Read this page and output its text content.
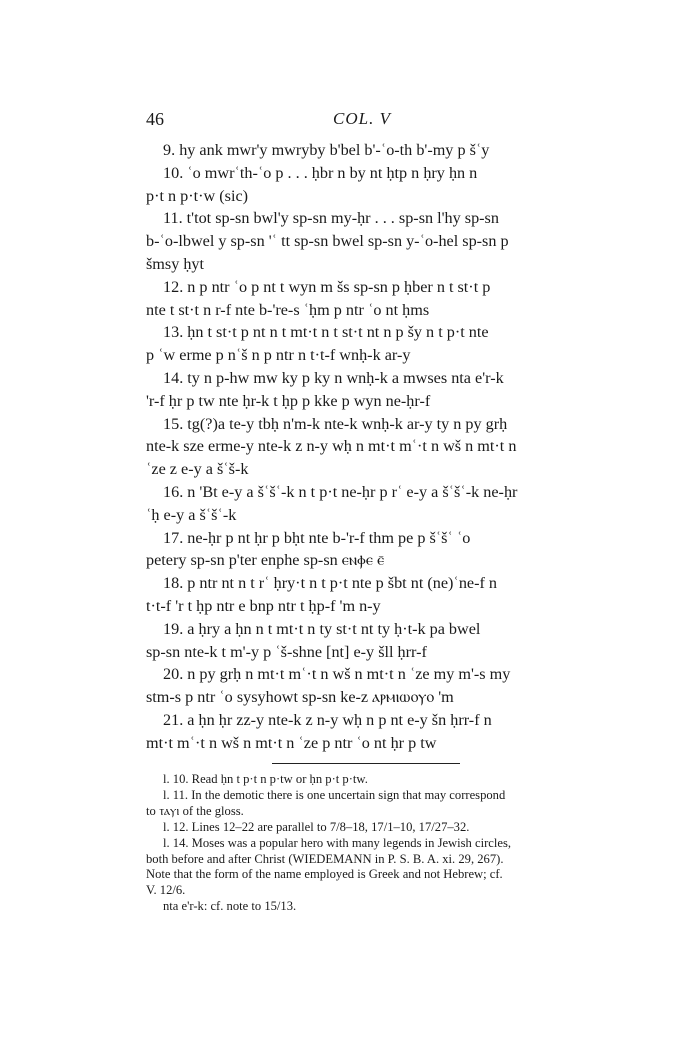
46	COL. V
9. hy ank mwr'y mwryby b'bel b'-ʿo-th b'-my p šʿy
10. ʿo mwrʿth-ʿo p . . . ḥbr n by nt ḥtp n ḥry ḥn n
p·t n p·t·w (sic)
11. t'tot sp-sn bwl'y sp-sn my-ḥr . . . sp-sn l'hy sp-sn
b-ʿo-lbwel y sp-sn 'ʿ tt sp-sn bwel sp-sn y-ʿo-hel sp-sn p
šmsy ḥyt
12. n p ntr ʿo p nt t wyn m šs sp-sn p ḥber n t st·t p
nte t st·t n r-f nte b-'re-s ʿḥm p ntr ʿo nt ḥms
13. ḥn t st·t p nt n t mt·t n t st·t nt n p šy n t p·t nte
p ʿw erme p nʿš n p ntr n t·t-f wnḥ-k ar-y
14. ty n p-hw mw ky p ky n wnḥ-k a mwses nta e'r-k
'r-f ḥr p tw nte ḥr-k t ḥp p kke p wyn ne-ḥr-f
15. tg(?)a te-y tbḥ n'm-k nte-k wnḥ-k ar-y ty n py grḥ
nte-k sze erme-y nte-k z n-y wḥ n mt·t mʿ·t n wš n mt·t n
ʿze z e-y a šʿš-k
16. n 'Bt e-y a šʿšʿ-k n t p·t ne-ḥr p rʿ e-y a šʿšʿ-k ne-ḥr
ʿḥ e-y a šʿšʿ-k
17. ne-ḥr p nt ḥr p bḥt nte b-'r-f thm pe p šʿšʿ ʿo
petery sp-sn p'ter enphe sp-sn ⲉⲛⲫⲉ ⲉ̄
18. p ntr nt n t rʿ ḥry·t n t p·t nte p šbt nt (ne)ʿne-f n
t·t-f 'r t ḥp ntr e bnp ntr t ḥp-f 'm n-y
19. a ḥry a ḥn n t mt·t n ty st·t nt ty ḥ·t-k pa bwel
sp-sn nte-k t m'-y p ʿš-shne [nt] e-y šll ḥrr-f
20. n py grḥ n mt·t mʿ·t n wš n mt·t n ʿze my m'-s my
stm-s p ntr ʿo sysyhowt sp-sn ke-z ⲁⲣⲙⲓⲱⲟⲩⲟ 'm
21. a ḥn ḥr zz-y nte-k z n-y wḥ n p nt e-y šn ḥrr-f n
mt·t mʿ·t n wš n mt·t n ʿze p ntr ʿo nt ḥr p tw
l. 10. Read ḥn t p·t n p·tw or ḥn p·t p·tw.
l. 11. In the demotic there is one uncertain sign that may correspond
to ⲧⲁⲩⲓ of the gloss.
l. 12. Lines 12–22 are parallel to 7/8–18, 17/1–10, 17/27–32.
l. 14. Moses was a popular hero with many legends in Jewish circles,
both before and after Christ (WIEDEMANN in P. S. B. A. xi. 29, 267).
Note that the form of the name employed is Greek and not Hebrew; cf.
V. 12/6.
nta e'r-k: cf. note to 15/13.
